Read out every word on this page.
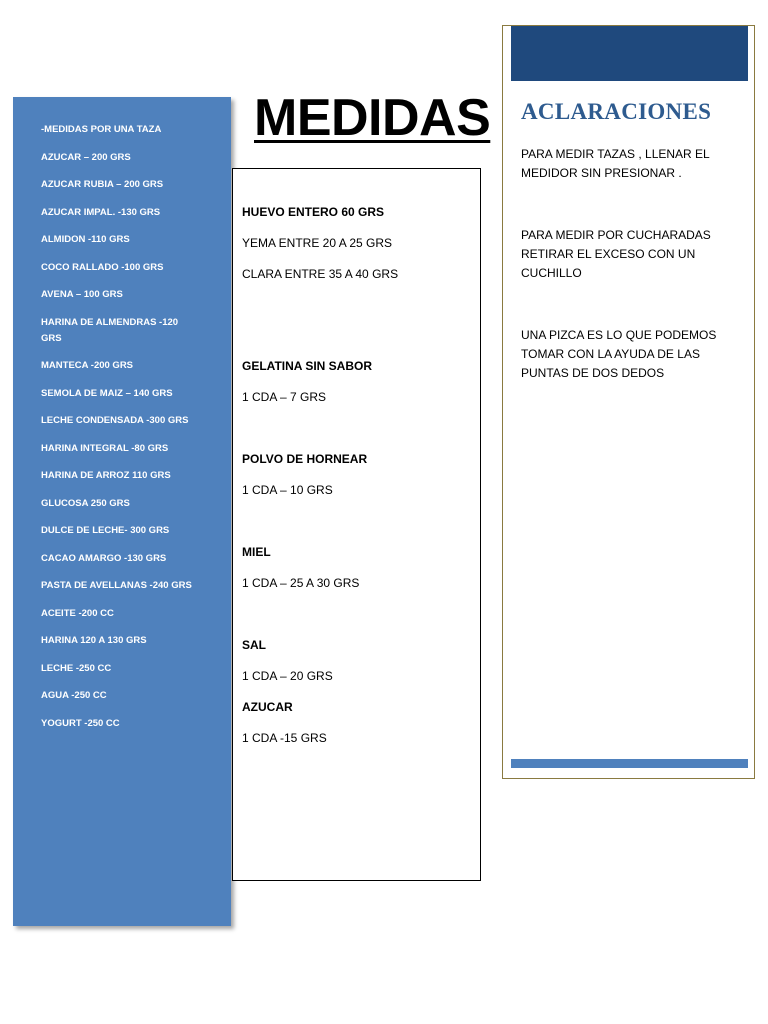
-MEDIDAS POR UNA TAZA
AZUCAR – 200 GRS
AZUCAR RUBIA – 200 GRS
AZUCAR IMPAL. -130 GRS
ALMIDON -110 GRS
COCO RALLADO -100 GRS
AVENA – 100 GRS
HARINA DE ALMENDRAS -120 GRS
MANTECA -200 GRS
SEMOLA DE MAIZ – 140 GRS
LECHE CONDENSADA -300 GRS
HARINA INTEGRAL -80 GRS
HARINA DE ARROZ 110 GRS
GLUCOSA 250 GRS
DULCE DE LECHE- 300 GRS
CACAO AMARGO -130 GRS
PASTA DE AVELLANAS -240 GRS
ACEITE -200 CC
HARINA 120 A 130 GRS
LECHE -250 CC
AGUA -250 CC
YOGURT -250 CC
MEDIDAS
HUEVO ENTERO 60 GRS
YEMA ENTRE 20 A 25 GRS
CLARA ENTRE 35 A 40 GRS
GELATINA SIN SABOR
1 CDA – 7 GRS
POLVO DE HORNEAR
1 CDA – 10 GRS
MIEL
1 CDA – 25 A 30 GRS
SAL
1 CDA – 20 GRS
AZUCAR
1 CDA -15 GRS
ACLARACIONES

PARA MEDIR TAZAS , LLENAR EL MEDIDOR SIN PRESIONAR .

PARA MEDIR POR CUCHARADAS RETIRAR EL EXCESO CON UN CUCHILLO

UNA PIZCA ES LO QUE PODEMOS TOMAR CON LA AYUDA DE LAS PUNTAS DE DOS DEDOS
